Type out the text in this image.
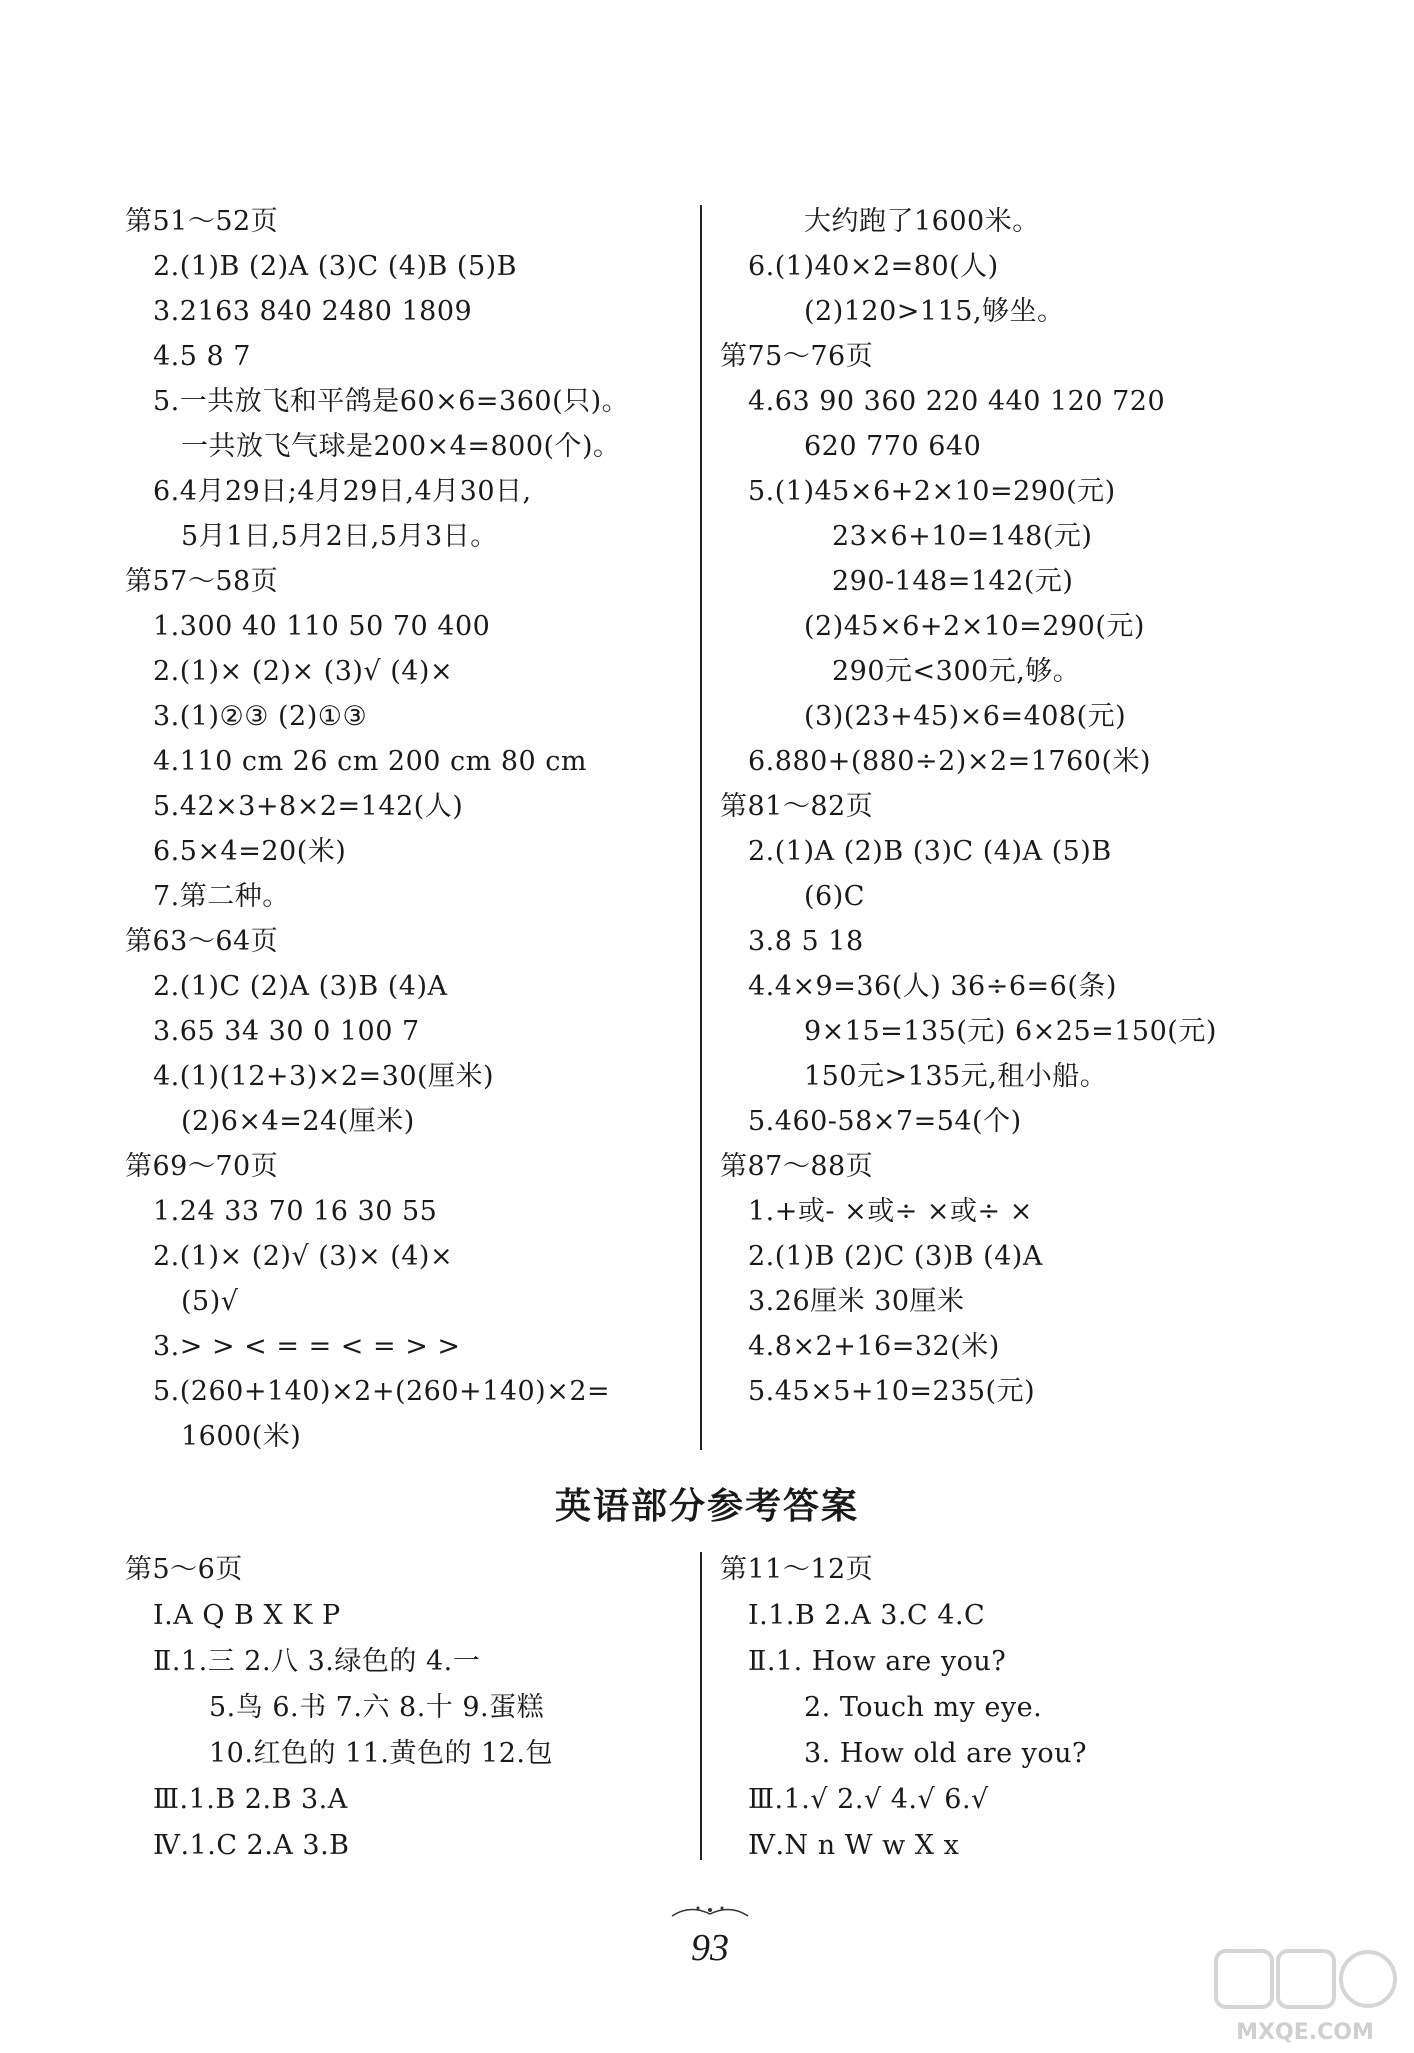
第51～52页
2.(1)B (2)A (3)C (4)B (5)B
3.2163 840 2480 1809
4.5 8 7
5.一共放飞和平鸽是60×6=360(只)。
一共放飞气球是200×4=800(个)。
6.4月29日;4月29日,4月30日,
5月1日,5月2日,5月3日。
第57～58页
1.300 40 110 50 70 400
2.(1)× (2)× (3)√ (4)×
3.(1)②③ (2)①③
4.110 cm 26 cm 200 cm 80 cm
5.42×3+8×2=142(人)
6.5×4=20(米)
7.第二种。
第63～64页
2.(1)C (2)A (3)B (4)A
3.65 34 30 0 100 7
4.(1)(12+3)×2=30(厘米)
(2)6×4=24(厘米)
第69～70页
1.24 33 70 16 30 55
2.(1)× (2)√ (3)× (4)×
(5)√
3.> > < = = < = > >
5.(260+140)×2+(260+140)×2=
1600(米)
大约跑了1600米。
6.(1)40×2=80(人)
(2)120>115,够坐。
第75～76页
4.63 90 360 220 440 120 720
620 770 640
5.(1)45×6+2×10=290(元)
23×6+10=148(元)
290-148=142(元)
(2)45×6+2×10=290(元)
290元<300元,够。
(3)(23+45)×6=408(元)
6.880+(880÷2)×2=1760(米)
第81～82页
2.(1)A (2)B (3)C (4)A (5)B
(6)C
3.8 5 18
4.4×9=36(人) 36÷6=6(条)
9×15=135(元) 6×25=150(元)
150元>135元,租小船。
5.460-58×7=54(个)
第87～88页
1.+或- ×或÷ ×或÷ ×
2.(1)B (2)C (3)B (4)A
3.26厘米 30厘米
4.8×2+16=32(米)
5.45×5+10=235(元)
英语部分参考答案
第5～6页
Ⅰ.A Q B X K P
Ⅱ.1.三 2.八 3.绿色的 4.一
5.鸟 6.书 7.六 8.十 9.蛋糕
10.红色的 11.黄色的 12.包
Ⅲ.1.B 2.B 3.A
Ⅳ.1.C 2.A 3.B
第11～12页
Ⅰ.1.B 2.A 3.C 4.C
Ⅱ.1. How are you?
2. Touch my eye.
3. How old are you?
Ⅲ.1.√ 2.√ 4.√ 6.√
Ⅳ.N n W w X x
93
MXQE.COM
